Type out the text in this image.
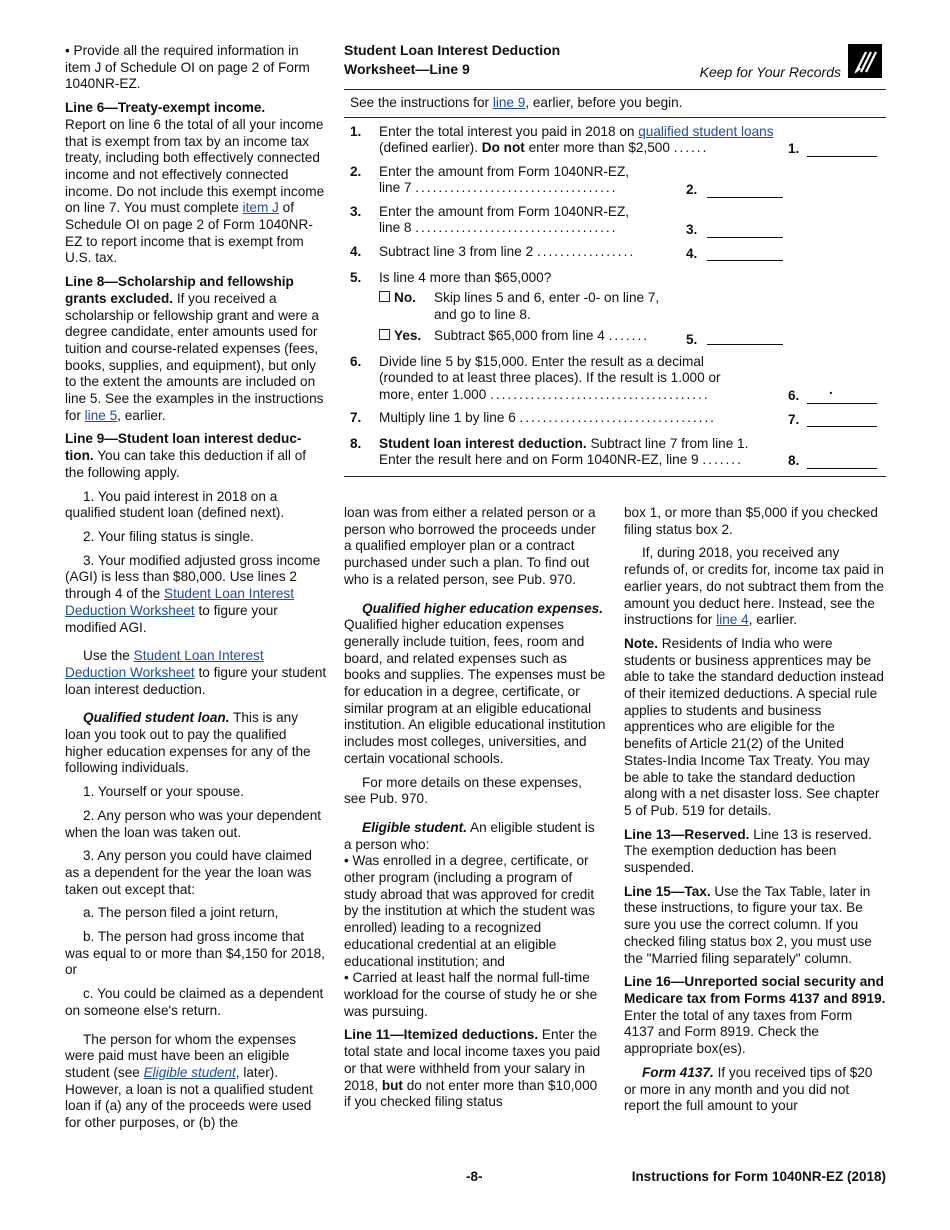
• Provide all the required information in item J of Schedule OI on page 2 of Form 1040NR-EZ.

Line 6—Treaty-exempt income.
Report on line 6 the total of all your income that is exempt from tax by an income tax treaty, including both effectively connected income and not effectively connected income. Do not include this exempt income on line 7. You must complete item J of Schedule OI on page 2 of Form 1040NR-EZ to report income that is exempt from U.S. tax.

Line 8—Scholarship and fellowship grants excluded. If you received a scholarship or fellowship grant and were a degree candidate, enter amounts used for tuition and course-related expenses (fees, books, supplies, and equipment), but only to the extent the amounts are included on line 5. See the examples in the instructions for line 5, earlier.

Line 9—Student loan interest deduc-tion. You can take this deduction if all of the following apply.

1. You paid interest in 2018 on a qualified student loan (defined next).

2. Your filing status is single.

3. Your modified adjusted gross income (AGI) is less than $80,000. Use lines 2 through 4 of the Student Loan Interest Deduction Worksheet to figure your modified AGI.

Use the Student Loan Interest Deduction Worksheet to figure your student loan interest deduction.

Qualified student loan. This is any loan you took out to pay the qualified higher education expenses for any of the following individuals.

1. Yourself or your spouse.

2. Any person who was your dependent when the loan was taken out.

3. Any person you could have claimed as a dependent for the year the loan was taken out except that:

a. The person filed a joint return,

b. The person had gross income that was equal to or more than $4,150 for 2018, or

c. You could be claimed as a dependent on someone else's return.

The person for whom the expenses were paid must have been an eligible student (see Eligible student, later). However, a loan is not a qualified student loan if (a) any of the proceeds were used for other purposes, or (b) the

Student Loan Interest Deduction
Worksheet—Line 9	Keep for Your Records
See the instructions for line 9, earlier, before you begin.
1. Enter the total interest you paid in 2018 on qualified student loans (defined earlier). Do not enter more than $2,500 ......	1.
2. Enter the amount from Form 1040NR-EZ,
line 7 ...................................	2.
3. Enter the amount from Form 1040NR-EZ,
line 8 ...................................	3.
4. Subtract line 3 from line 2 .................	4.
5. Is line 4 more than $65,000?
No. Skip lines 5 and 6, enter -0- on line 7, and go to line 8.
Yes. Subtract $65,000 from line 4 .......	5.
6. Divide line 5 by $15,000. Enter the result as a decimal (rounded to at least three places). If the result is 1.000 or more, enter 1.000 ......................................	6. .
7. Multiply line 1 by line 6 ..................................	7.
8. Student loan interest deduction. Subtract line 7 from line 1. Enter the result here and on Form 1040NR-EZ, line 9 .......	8.

loan was from either a related person or a person who borrowed the proceeds under a qualified employer plan or a contract purchased under such a plan. To find out who is a related person, see Pub. 970.

Qualified higher education expenses. Qualified higher education expenses generally include tuition, fees, room and board, and related expenses such as books and supplies. The expenses must be for education in a degree, certificate, or similar program at an eligible educational institution. An eligible educational institution includes most colleges, universities, and certain vocational schools.

For more details on these expenses, see Pub. 970.

Eligible student. An eligible student is a person who:

• Was enrolled in a degree, certificate, or other program (including a program of study abroad that was approved for credit by the institution at which the student was enrolled) leading to a recognized educational credential at an eligible educational institution; and

• Carried at least half the normal full-time workload for the course of study he or she was pursuing.

Line 11—Itemized deductions. Enter the total state and local income taxes you paid or that were withheld from your salary in 2018, but do not enter more than $10,000 if you checked filing status

box 1, or more than $5,000 if you checked filing status box 2.

If, during 2018, you received any refunds of, or credits for, income tax paid in earlier years, do not subtract them from the amount you deduct here. Instead, see the instructions for line 4, earlier.

Note. Residents of India who were students or business apprentices may be able to take the standard deduction instead of their itemized deductions. A special rule applies to students and business apprentices who are eligible for the benefits of Article 21(2) of the United States-India Income Tax Treaty. You may be able to take the standard deduction along with a net disaster loss. See chapter 5 of Pub. 519 for details.

Line 13—Reserved. Line 13 is reserved. The exemption deduction has been suspended.

Line 15—Tax. Use the Tax Table, later in these instructions, to figure your tax. Be sure you use the correct column. If you checked filing status box 2, you must use the "Married filing separately" column.

Line 16—Unreported social security and Medicare tax from Forms 4137 and 8919. Enter the total of any taxes from Form 4137 and Form 8919. Check the appropriate box(es).

Form 4137. If you received tips of $20 or more in any month and you did not report the full amount to your

-8-	Instructions for Form 1040NR-EZ (2018)
